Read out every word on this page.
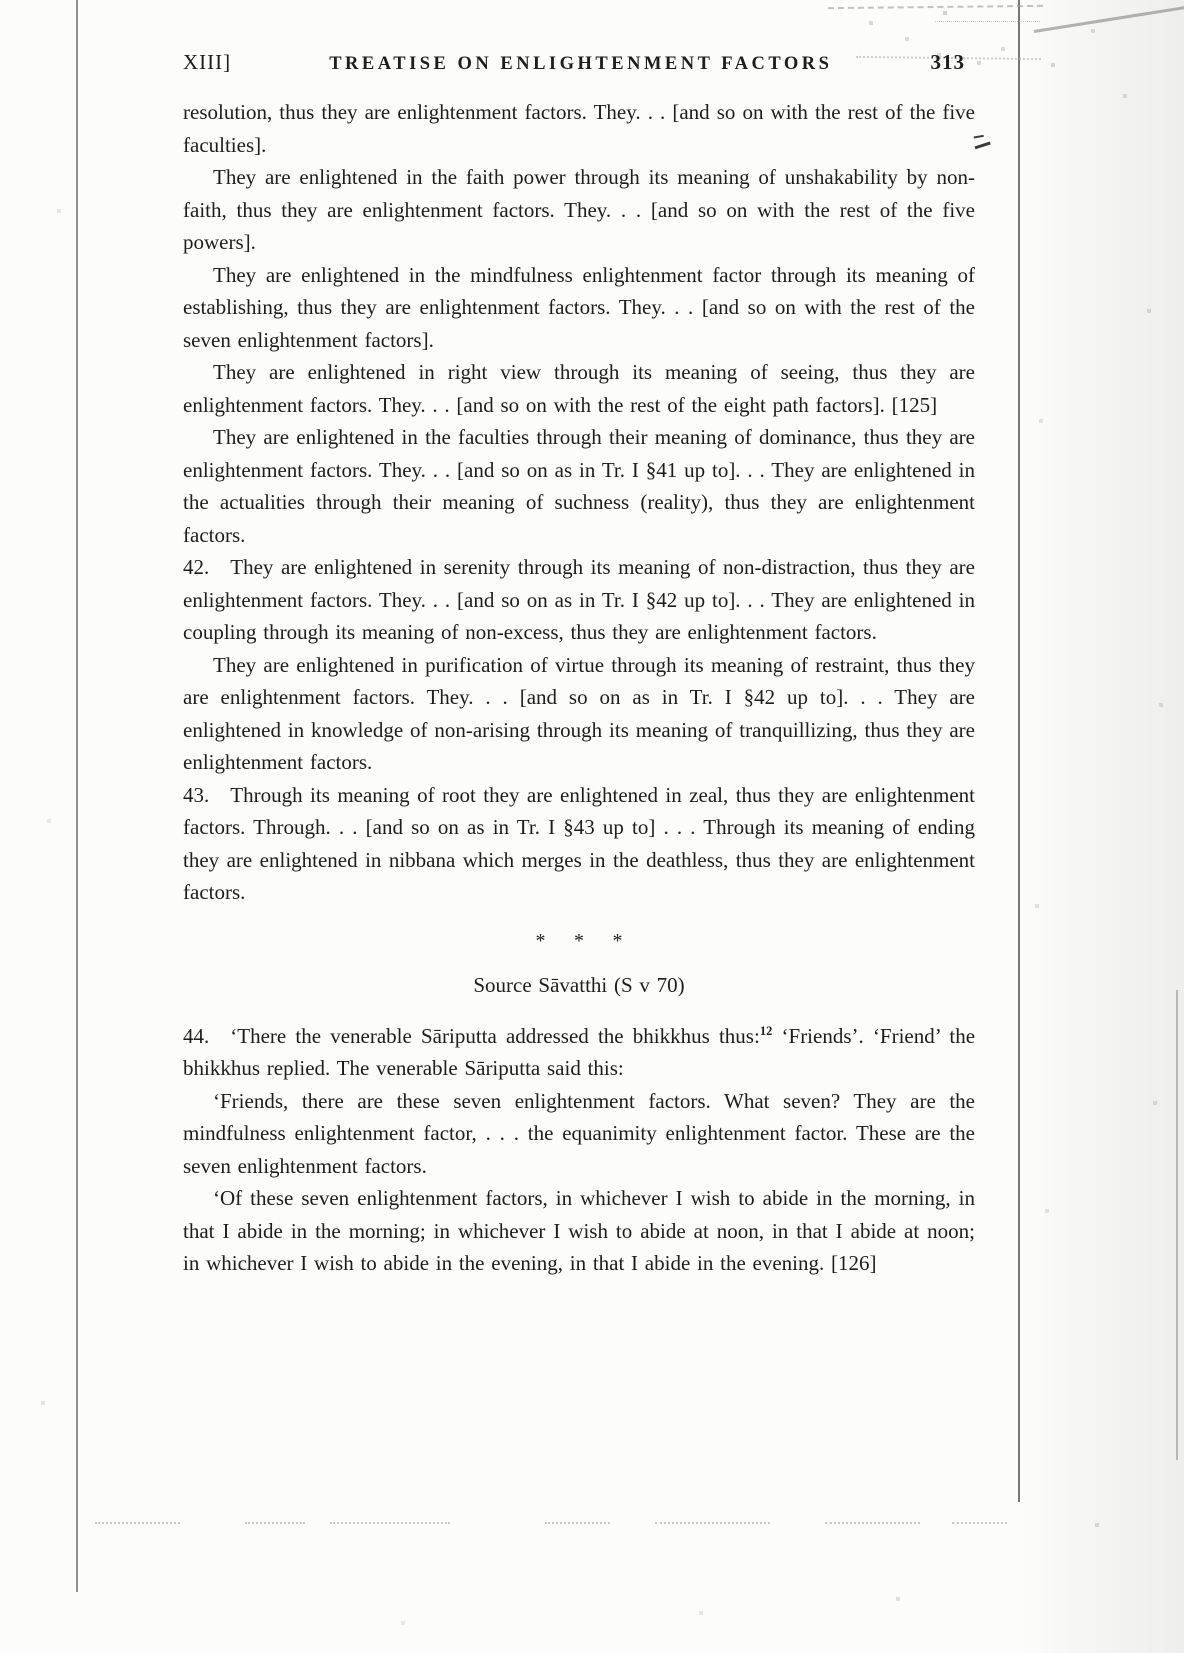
XIII]	TREATISE ON ENLIGHTENMENT FACTORS	313

resolution, thus they are enlightenment factors. They. . . [and so on with the rest of the five faculties].

They are enlightened in the faith power through its meaning of unshakability by non-faith, thus they are enlightenment factors. They. . . [and so on with the rest of the five powers].

They are enlightened in the mindfulness enlightenment factor through its meaning of establishing, thus they are enlightenment factors. They. . . [and so on with the rest of the seven enlightenment factors].

They are enlightened in right view through its meaning of seeing, thus they are enlightenment factors. They. . . [and so on with the rest of the eight path factors]. [125]

They are enlightened in the faculties through their meaning of dominance, thus they are enlightenment factors. They. . . [and so on as in Tr. I §41 up to]. . . They are enlightened in the actualities through their meaning of suchness (reality), thus they are enlightenment factors.

42. They are enlightened in serenity through its meaning of non-distraction, thus they are enlightenment factors. They. . . [and so on as in Tr. I §42 up to]. . . They are enlightened in coupling through its meaning of non-excess, thus they are enlightenment factors.

They are enlightened in purification of virtue through its meaning of restraint, thus they are enlightenment factors. They. . . [and so on as in Tr. I §42 up to]. . . They are enlightened in knowledge of non-arising through its meaning of tranquillizing, thus they are enlightenment factors.

43. Through its meaning of root they are enlightened in zeal, thus they are enlightenment factors. Through. . . [and so on as in Tr. I §43 up to] . . . Through its meaning of ending they are enlightened in nibbana which merges in the deathless, thus they are enlightenment factors.

* * *
Source Sāvatthi (S v 70)

44. ‘There the venerable Sāriputta addressed the bhikkhus thus:$^{12}$ ‘Friends’. ‘Friend’ the bhikkhus replied. The venerable Sāriputta said this:

‘Friends, there are these seven enlightenment factors. What seven? They are the mindfulness enlightenment factor, . . . the equanimity enlightenment factor. These are the seven enlightenment factors.

‘Of these seven enlightenment factors, in whichever I wish to abide in the morning, in that I abide in the morning; in whichever I wish to abide at noon, in that I abide at noon; in whichever I wish to abide in the evening, in that I abide in the evening. [126]
